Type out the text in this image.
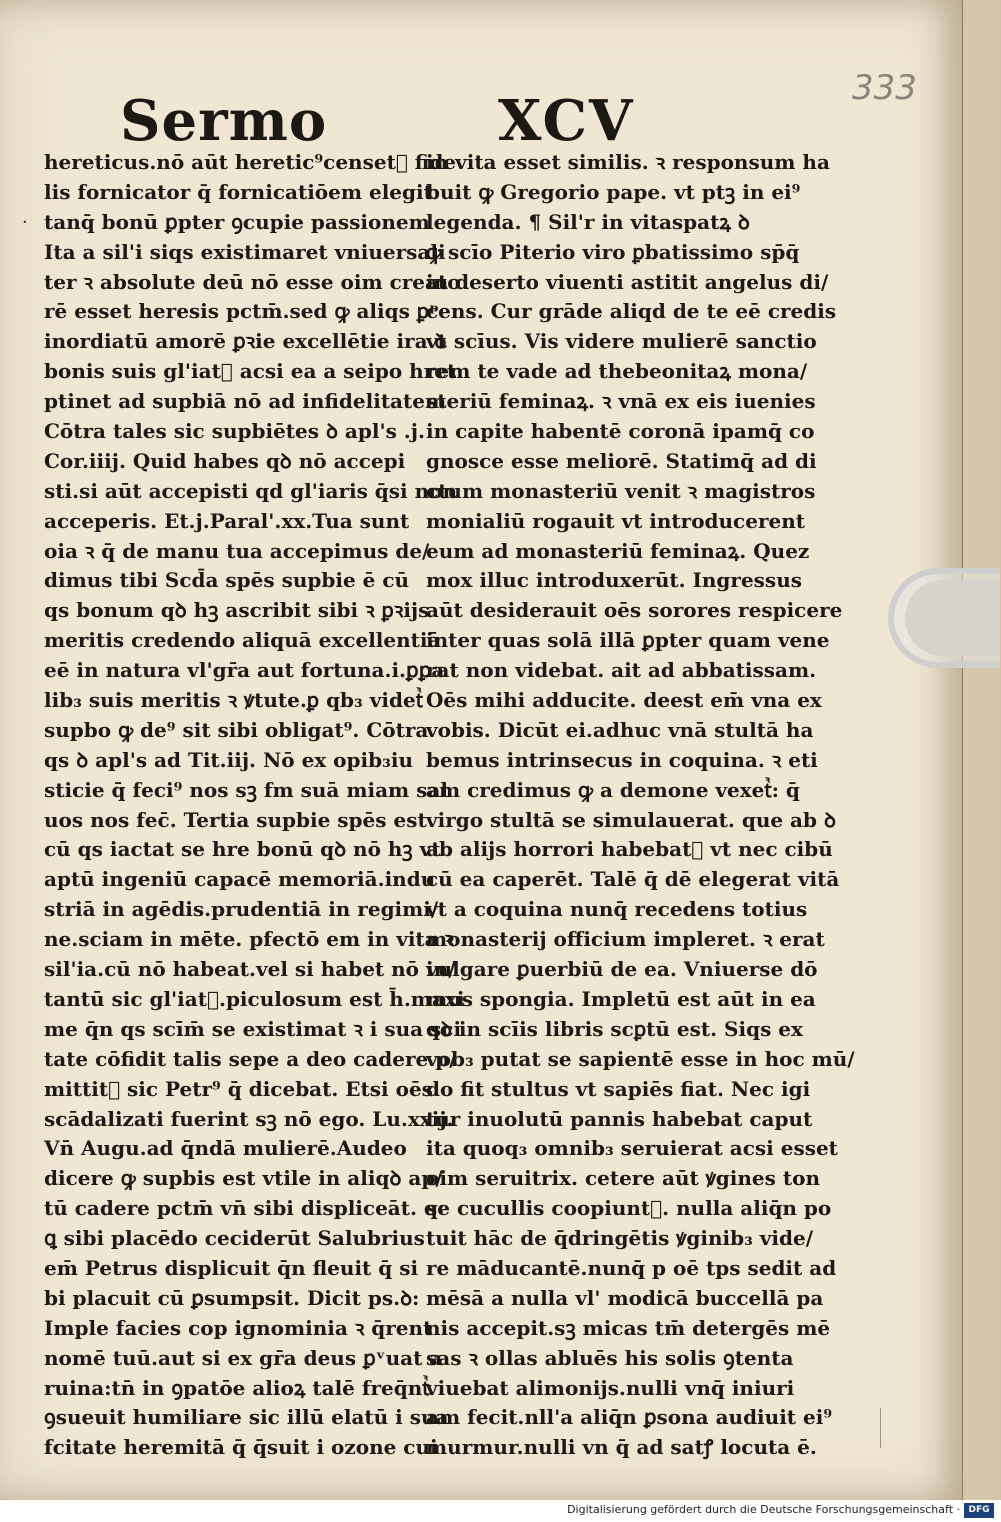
Sermo	XCV	333
·
hereticus.nō aūt heretic⁹censetᷣ fide
lis fornicator q̄ fornicatiōem elegit
tanq̄ bonū ꝑpter ꝯcupie passionem
Ita a sil'i siqs existimaret vniuersali
ter ꝛ absolute deū nō esse oim creato
rē esset heresis pctm̄.sed ꝙ aliqs ꝑᵖ
inordiatū amorē ꝑꝛie excellētie ira ꝺ
bonis suis gl'iatᷣ acsi ea a seipo hret
ptinet ad supbiā nō ad infidelitatem
Cōtra tales sic supbiētes ꝺ apl's .j.
Cor.iiij. Quid habes qꝺ nō accepi
sti.si aūt accepisti qd gl'iaris q̄si non
acceperis. Et.j.Paral'.xx.Tua sunt
oia ꝛ q̄ de manu tua accepimus de/
dimus tibi Scd̄a spēs supbie ē cū
qs bonum qꝺ hꝫ ascribit sibi ꝛ ꝑꝛijs
meritis credendo aliquā excellentiā
eē in natura vl'gr̄a aut fortuna.i.ꝑꝑa
lib₃ suis meritis ꝛ ꝟtute.ꝑ qb₃ videtᷣ
supbo ꝙ de⁹ sit sibi obligat⁹. Cōtra
qs ꝺ apl's ad Tit.iij. Nō ex opib₃iu
sticie q̄ feci⁹ nos sꝫ fm suā miam sal
uos nos fec̄. Tertia supbie spēs est
cū qs iactat se hre bonū qꝺ nō hꝫ vt
aptū ingeniū capacē memoriā.indu
striā in agēdis.prudentiā in regimi/
ne.sciam in mēte. pfectō em in vita ꝛ
sil'ia.cū nō habeat.vel si habet nō in/
tantū sic gl'iatᷣ.piculosum est h̄.maxi
me q̄n qs scīm̄ se existimat ꝛ i sua sci
tate cōfidit talis sepe a deo cadere p/
mittitᷣ sic Petr⁹ q̄ dicebat. Etsi oēs
scādalizati fuerint sꝫ nō ego. Lu.xxij.
Vn̄ Augu.ad q̄ndā mulierē.Audeo
dicere ꝙ supbis est vtile in aliqꝺ ap/
tū cadere pctm̄ vn̄ sibi displiceāt. q꞉
ꝗ sibi placēdo ceciderūt Salubrius
em̄ Petrus displicuit q̄n fleuit q̄ si
bi placuit cū ꝑsumpsit. Dicit ps.ꝺ:
Imple facies cop ignominia ꝛ q̄rent
nomē tuū.aut si ex gr̄a deus ꝑᵛuat a
ruina:tn̄ in ꝯpatōe alioꝝ talē freq̄ntᷣ
ꝯsueuit humiliare sic illū elatū i sua
fcitate heremitā q̄ q̄suit i ozone cui
in vita esset similis. ꝛ responsum ha
buit ꝙ Gregorio pape. vt ptꝫ in ei⁹
legenda. ¶ Sil'r in vitaspatꝝ ꝺ
ꝙ scīo Piterio viro ꝑbatissimo sp̄q̄
in deserto viuenti astitit angelus di/
cens. Cur grāde aliqd de te eē credis
vt scīus. Vis videre mulierē sanctio
rem te vade ad thebeonitaꝝ mona/
steriū feminaꝝ. ꝛ vnā ex eis iuenies
in capite habentē coronā ipamq̄ co
gnosce esse meliorē. Statimq̄ ad di
ctum monasteriū venit ꝛ magistros
monialiū rogauit vt introducerent
eum ad monasteriū feminaꝝ. Quez
mox illuc introduxerūt. Ingressus
aūt desiderauit oēs sorores respicere
inter quas solā illā ꝑpter quam vene
rat non videbat. ait ad abbatissam.
Oēs mihi adducite. deest em̄ vna ex
vobis. Dicūt ei.adhuc vnā stultā ha
bemus intrinsecus in coquina. ꝛ eti
am credimus ꝙ a demone vexetᷣ: q̄
virgo stultā se simulauerat. que ab ꝺ
ab alijs horrori habebatᷣ vt nec cibū
cū ea caperēt. Talē q̄ dē elegerat vitā
vt a coquina nunq̄ recedens totius
monasterij officium impleret. ꝛ erat
vulgare ꝑuerbiū de ea. Vniuerse dō
mus spongia. Impletū est aūt in ea
qꝺ in scīis libris scꝑtū est. Siqs ex
vob₃ putat se sapientē esse in hoc mū/
do fit stultus vt sapiēs fiat. Nec igi
tur inuolutū pannis habebat caput
ita quoq₃ omnib₃ seruierat acsi esset
oim seruitrix. cetere aūt ꝟgines ton
se cucullis coopiuntᷣ. nulla aliq̄n po
tuit hāc de q̄dringētis ꝟginib₃ vide/
re māducantē.nunq̄ p oē tps sedit ad
mēsā a nulla vl' modicā buccellā pa
nis accepit.sꝫ micas tm̄ detergēs mē
sas ꝛ ollas abluēs his solis ꝯtenta
viuebat alimonijs.nulli vnq̄ iniuri
am fecit.nll'a aliq̄n ꝑsona audiuit ei⁹
murmur.nulli vn q̄ ad satꝭ locuta ē.
Digitalisierung gefördert durch die Deutsche Forschungsgemeinschaft · DFG
